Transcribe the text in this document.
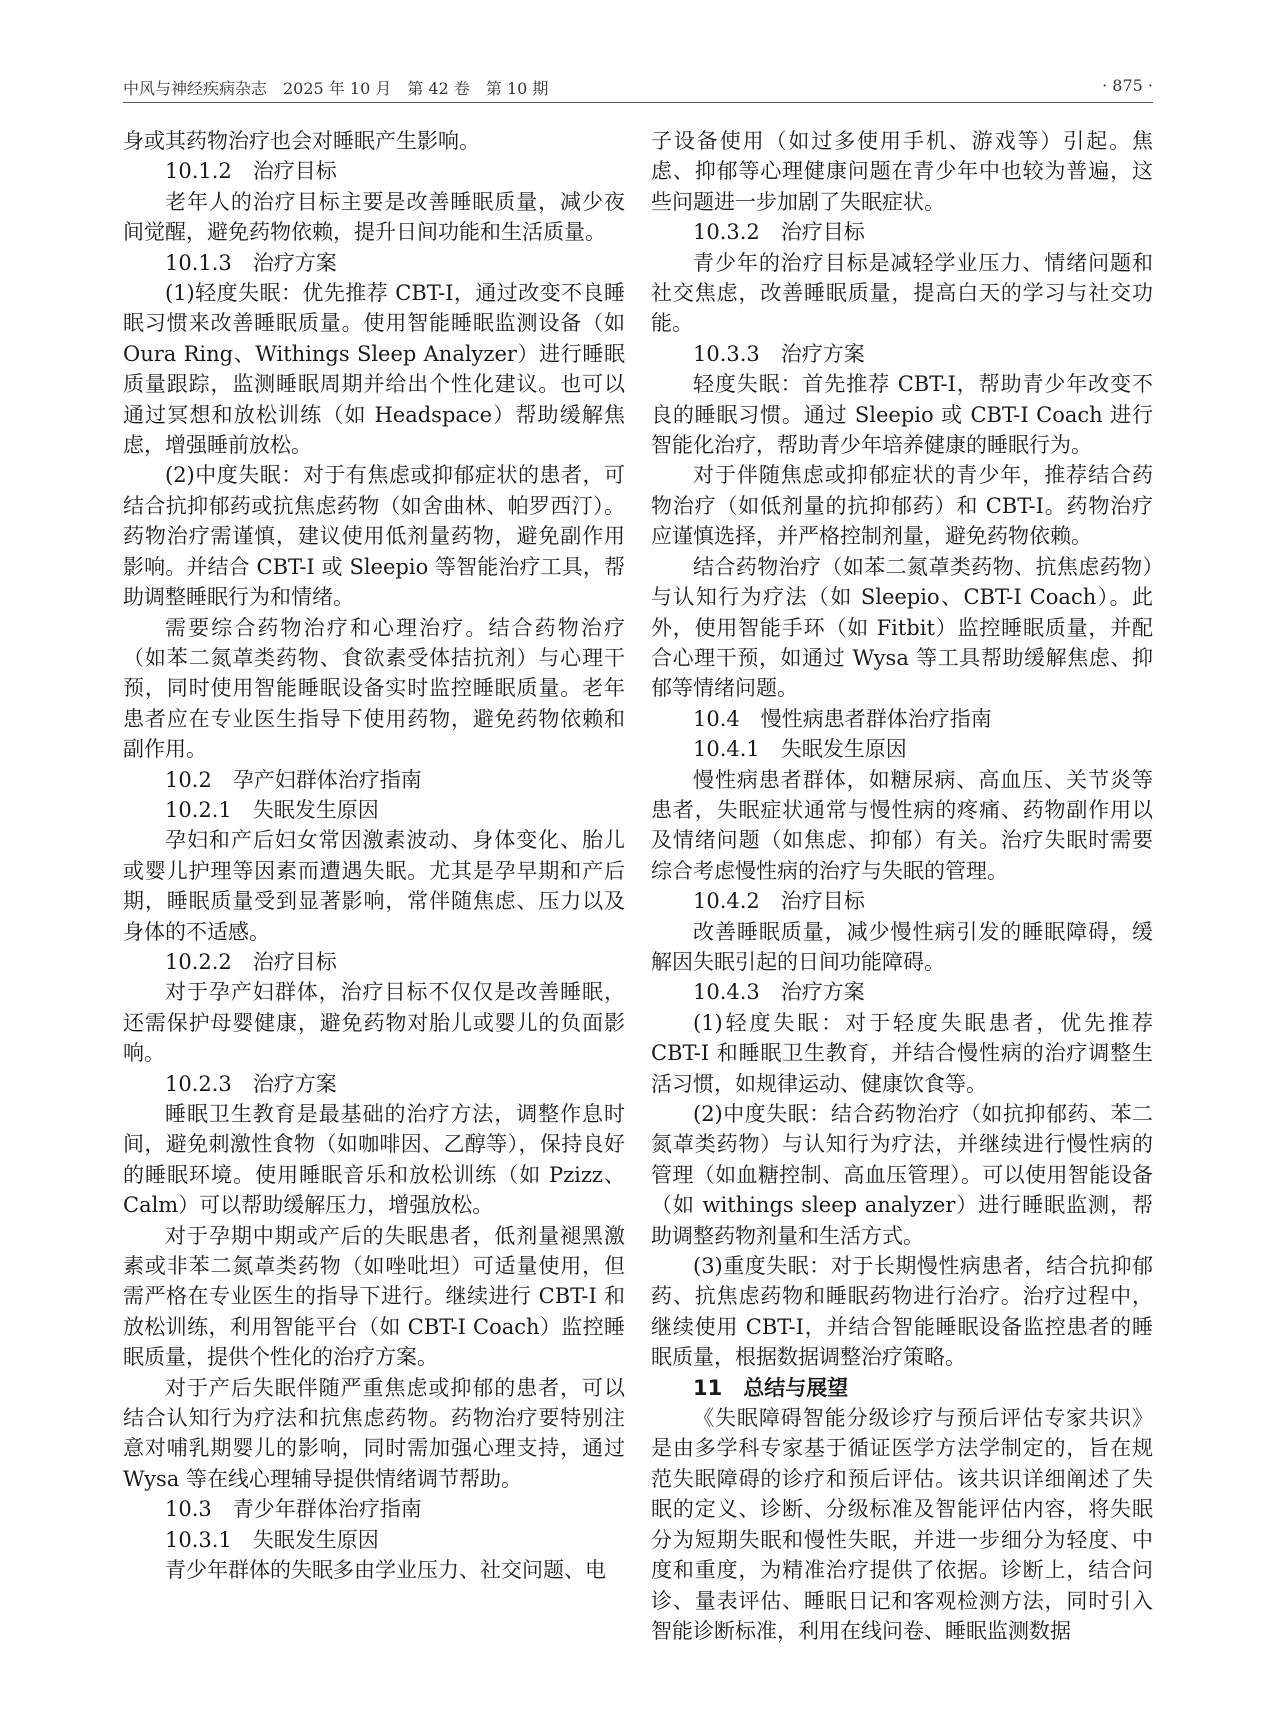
中风与神经疾病杂志　2025 年 10 月　第 42 卷　第 10 期	· 875 ·

身或其药物治疗也会对睡眠产生影响。

10.1.2　治疗目标

老年人的治疗目标主要是改善睡眠质量，减少夜间觉醒，避免药物依赖，提升日间功能和生活质量。

10.1.3　治疗方案

(1)轻度失眠：优先推荐 CBT-I，通过改变不良睡眠习惯来改善睡眠质量。使用智能睡眠监测设备（如 Oura Ring、Withings Sleep Analyzer）进行睡眠质量跟踪，监测睡眠周期并给出个性化建议。也可以通过冥想和放松训练（如 Headspace）帮助缓解焦虑，增强睡前放松。

(2)中度失眠：对于有焦虑或抑郁症状的患者，可结合抗抑郁药或抗焦虑药物（如舍曲林、帕罗西汀）。药物治疗需谨慎，建议使用低剂量药物，避免副作用影响。并结合 CBT-I 或 Sleepio 等智能治疗工具，帮助调整睡眠行为和情绪。

需要综合药物治疗和心理治疗。结合药物治疗（如苯二氮䓬类药物、食欲素受体拮抗剂）与心理干预，同时使用智能睡眠设备实时监控睡眠质量。老年患者应在专业医生指导下使用药物，避免药物依赖和副作用。

10.2　孕产妇群体治疗指南
10.2.1　失眠发生原因

孕妇和产后妇女常因激素波动、身体变化、胎儿或婴儿护理等因素而遭遇失眠。尤其是孕早期和产后期，睡眠质量受到显著影响，常伴随焦虑、压力以及身体的不适感。

10.2.2　治疗目标

对于孕产妇群体，治疗目标不仅仅是改善睡眠，还需保护母婴健康，避免药物对胎儿或婴儿的负面影响。

10.2.3　治疗方案

睡眠卫生教育是最基础的治疗方法，调整作息时间，避免刺激性食物（如咖啡因、乙醇等），保持良好的睡眠环境。使用睡眠音乐和放松训练（如 Pzizz、Calm）可以帮助缓解压力，增强放松。

对于孕期中期或产后的失眠患者，低剂量褪黑激素或非苯二氮䓬类药物（如唑吡坦）可适量使用，但需严格在专业医生的指导下进行。继续进行 CBT-I 和放松训练，利用智能平台（如 CBT-I Coach）监控睡眠质量，提供个性化的治疗方案。

对于产后失眠伴随严重焦虑或抑郁的患者，可以结合认知行为疗法和抗焦虑药物。药物治疗要特别注意对哺乳期婴儿的影响，同时需加强心理支持，通过 Wysa 等在线心理辅导提供情绪调节帮助。

10.3　青少年群体治疗指南
10.3.1　失眠发生原因

青少年群体的失眠多由学业压力、社交问题、电

子设备使用（如过多使用手机、游戏等）引起。焦虑、抑郁等心理健康问题在青少年中也较为普遍，这些问题进一步加剧了失眠症状。

10.3.2　治疗目标

青少年的治疗目标是减轻学业压力、情绪问题和社交焦虑，改善睡眠质量，提高白天的学习与社交功能。

10.3.3　治疗方案

轻度失眠：首先推荐 CBT-I，帮助青少年改变不良的睡眠习惯。通过 Sleepio 或 CBT-I Coach 进行智能化治疗，帮助青少年培养健康的睡眠行为。

对于伴随焦虑或抑郁症状的青少年，推荐结合药物治疗（如低剂量的抗抑郁药）和 CBT-I。药物治疗应谨慎选择，并严格控制剂量，避免药物依赖。

结合药物治疗（如苯二氮䓬类药物、抗焦虑药物）与认知行为疗法（如 Sleepio、CBT-I Coach）。此外，使用智能手环（如 Fitbit）监控睡眠质量，并配合心理干预，如通过 Wysa 等工具帮助缓解焦虑、抑郁等情绪问题。

10.4　慢性病患者群体治疗指南
10.4.1　失眠发生原因

慢性病患者群体，如糖尿病、高血压、关节炎等患者，失眠症状通常与慢性病的疼痛、药物副作用以及情绪问题（如焦虑、抑郁）有关。治疗失眠时需要综合考虑慢性病的治疗与失眠的管理。

10.4.2　治疗目标

改善睡眠质量，减少慢性病引发的睡眠障碍，缓解因失眠引起的日间功能障碍。

10.4.3　治疗方案

(1)轻度失眠：对于轻度失眠患者，优先推荐 CBT-I 和睡眠卫生教育，并结合慢性病的治疗调整生活习惯，如规律运动、健康饮食等。

(2)中度失眠：结合药物治疗（如抗抑郁药、苯二氮䓬类药物）与认知行为疗法，并继续进行慢性病的管理（如血糖控制、高血压管理）。可以使用智能设备（如 withings sleep analyzer）进行睡眠监测，帮助调整药物剂量和生活方式。

(3)重度失眠：对于长期慢性病患者，结合抗抑郁药、抗焦虑药物和睡眠药物进行治疗。治疗过程中，继续使用 CBT-I，并结合智能睡眠设备监控患者的睡眠质量，根据数据调整治疗策略。

11　总结与展望

《失眠障碍智能分级诊疗与预后评估专家共识》是由多学科专家基于循证医学方法学制定的，旨在规范失眠障碍的诊疗和预后评估。该共识详细阐述了失眠的定义、诊断、分级标准及智能评估内容，将失眠分为短期失眠和慢性失眠，并进一步细分为轻度、中度和重度，为精准治疗提供了依据。诊断上，结合问诊、量表评估、睡眠日记和客观检测方法，同时引入智能诊断标准，利用在线问卷、睡眠监测数据
